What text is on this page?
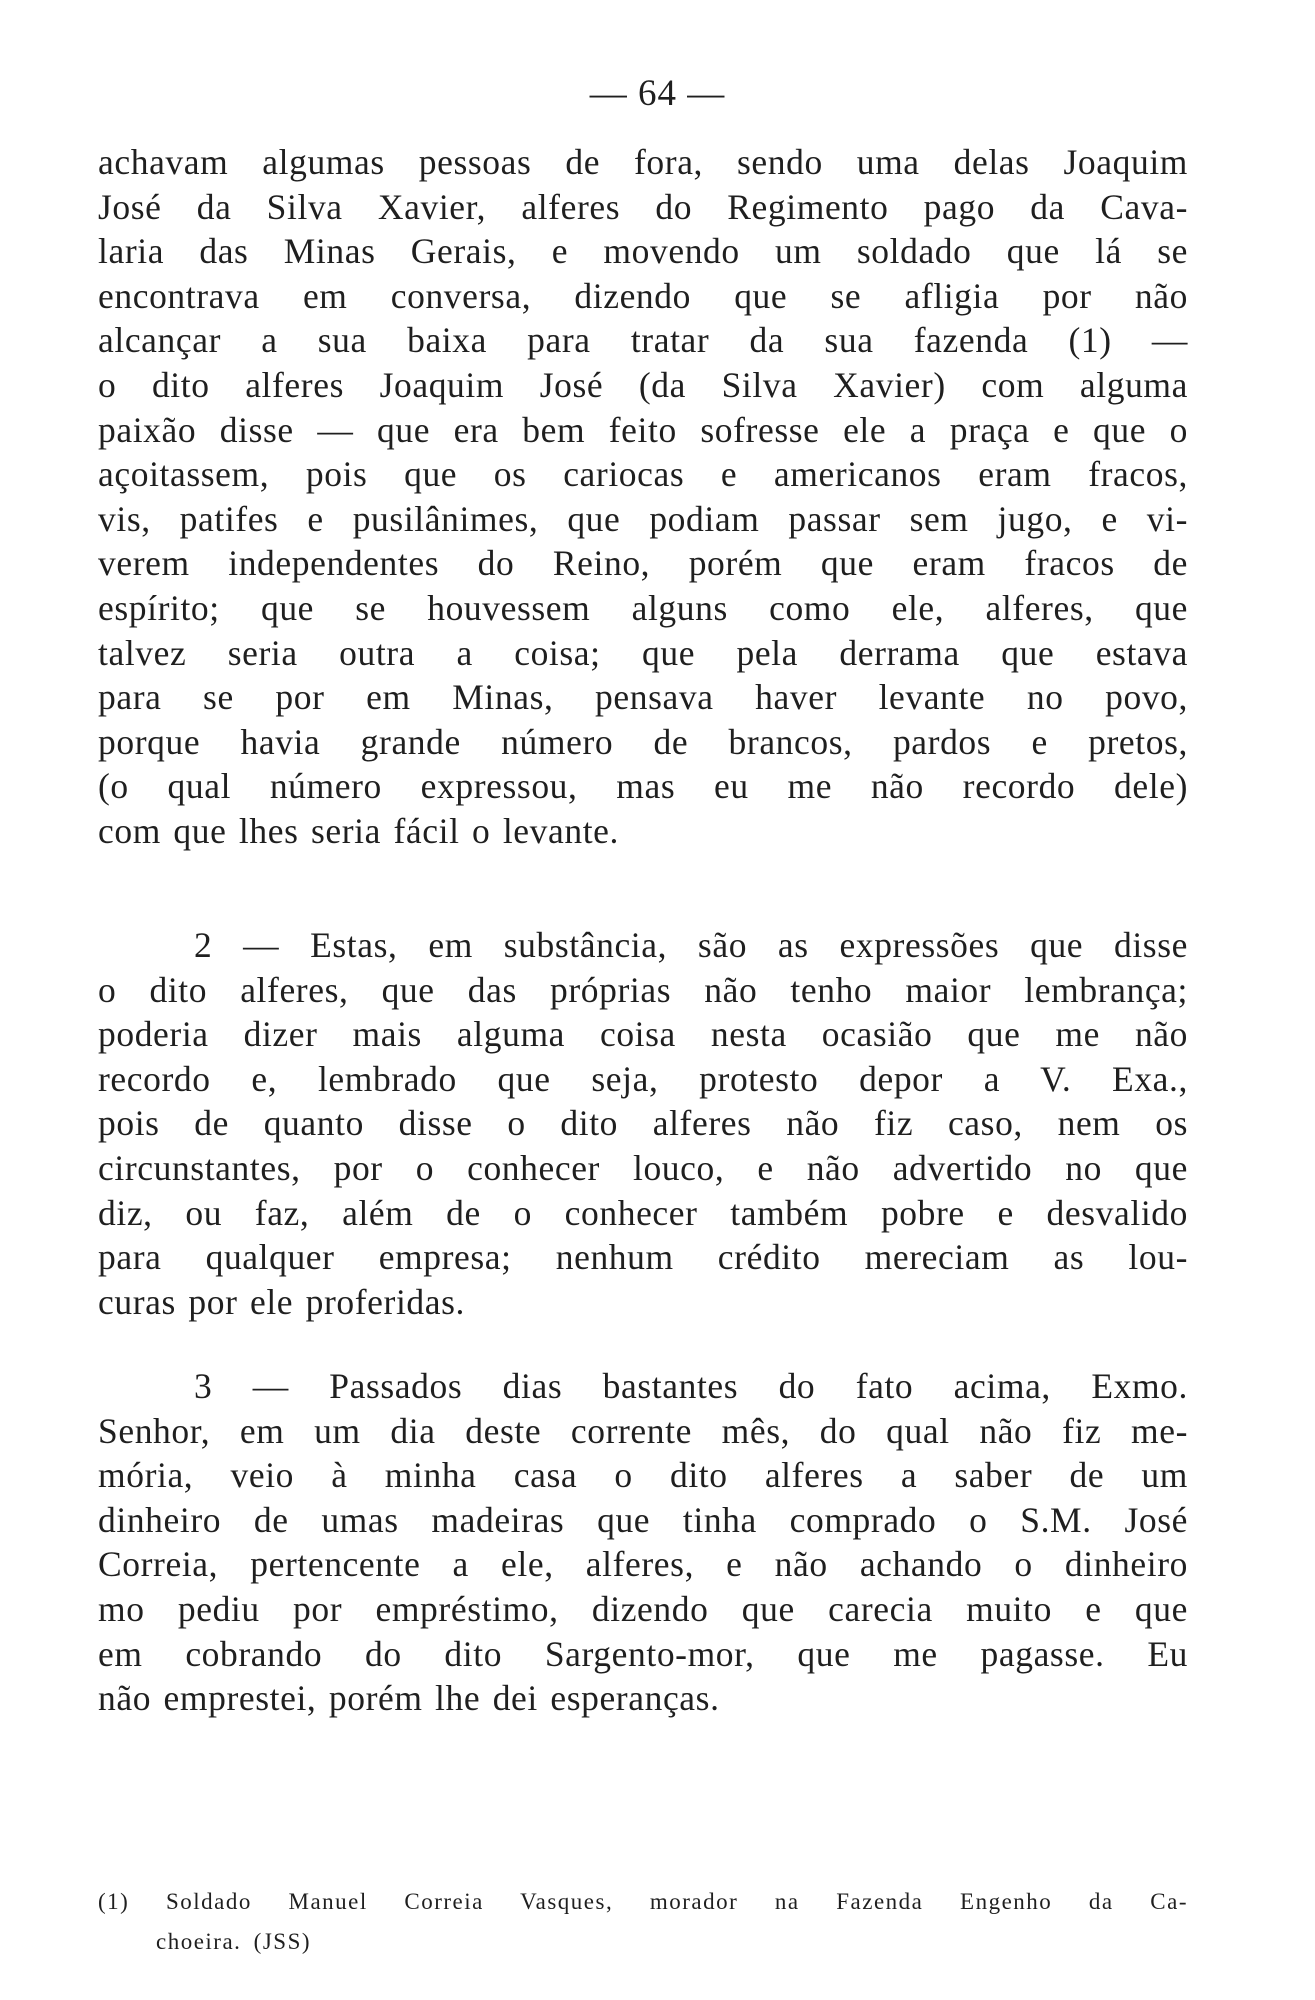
— 64 —
achavam algumas pessoas de fora, sendo uma delas Joaquim
José da Silva Xavier, alferes do Regimento pago da Cava-
laria das Minas Gerais, e movendo um soldado que lá se
encontrava em conversa, dizendo que se afligia por não
alcançar a sua baixa para tratar da sua fazenda (1) —
o dito alferes Joaquim José (da Silva Xavier) com alguma
paixão disse — que era bem feito sofresse ele a praça e que o
açoitassem, pois que os cariocas e americanos eram fracos,
vis, patifes e pusilânimes, que podiam passar sem jugo, e vi-
verem independentes do Reino, porém que eram fracos de
espírito; que se houvessem alguns como ele, alferes, que
talvez seria outra a coisa; que pela derrama que estava
para se por em Minas, pensava haver levante no povo,
porque havia grande número de brancos, pardos e pretos,
(o qual número expressou, mas eu me não recordo dele)
com que lhes seria fácil o levante.
2 — Estas, em substância, são as expressões que disse
o dito alferes, que das próprias não tenho maior lembrança;
poderia dizer mais alguma coisa nesta ocasião que me não
recordo e, lembrado que seja, protesto depor a V. Exa.,
pois de quanto disse o dito alferes não fiz caso, nem os
circunstantes, por o conhecer louco, e não advertido no que
diz, ou faz, além de o conhecer também pobre e desvalido
para qualquer empresa; nenhum crédito mereciam as lou-
curas por ele proferidas.
3 — Passados dias bastantes do fato acima, Exmo.
Senhor, em um dia deste corrente mês, do qual não fiz me-
mória, veio à minha casa o dito alferes a saber de um
dinheiro de umas madeiras que tinha comprado o S.M. José
Correia, pertencente a ele, alferes, e não achando o dinheiro
mo pediu por empréstimo, dizendo que carecia muito e que
em cobrando do dito Sargento-mor, que me pagasse. Eu
não emprestei, porém lhe dei esperanças.
(1) Soldado Manuel Correia Vasques, morador na Fazenda Engenho da Ca-
choeira. (JSS)
